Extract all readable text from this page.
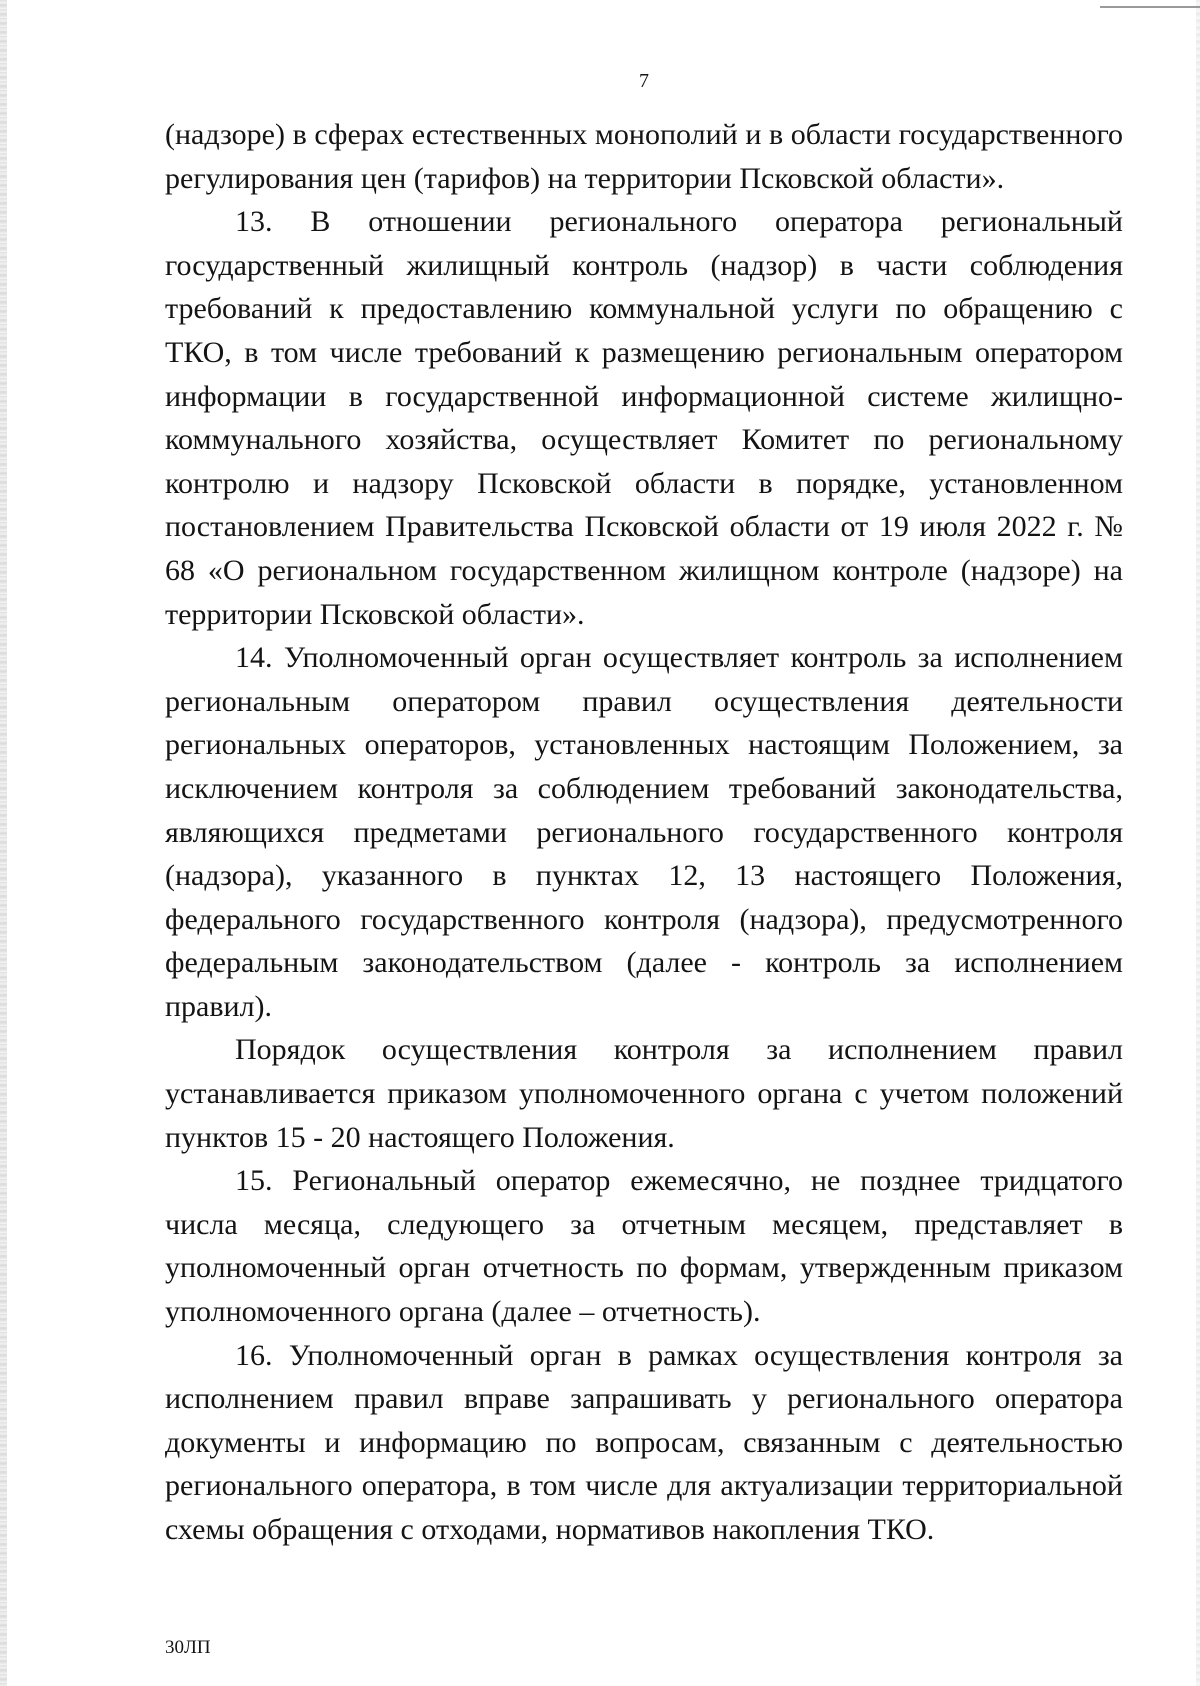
7

(надзоре) в сферах естественных монополий и в области государственного регулирования цен (тарифов) на территории Псковской области».

13. В отношении регионального оператора региональный государственный жилищный контроль (надзор) в части соблюдения требований к предоставлению коммунальной услуги по обращению с ТКО, в том числе требований к размещению региональным оператором информации в государственной информационной системе жилищно-коммунального хозяйства, осуществляет Комитет по региональному контролю и надзору Псковской области в порядке, установленном постановлением Правительства Псковской области от 19 июля 2022 г. № 68 «О региональном государственном жилищном контроле (надзоре) на территории Псковской области».

14. Уполномоченный орган осуществляет контроль за исполнением региональным оператором правил осуществления деятельности региональных операторов, установленных настоящим Положением, за исключением контроля за соблюдением требований законодательства, являющихся предметами регионального государственного контроля (надзора), указанного в пунктах 12, 13 настоящего Положения, федерального государственного контроля (надзора), предусмотренного федеральным законодательством (далее - контроль за исполнением правил).

Порядок осуществления контроля за исполнением правил устанавливается приказом уполномоченного органа с учетом положений пунктов 15 - 20 настоящего Положения.

15. Региональный оператор ежемесячно, не позднее тридцатого числа месяца, следующего за отчетным месяцем, представляет в уполномоченный орган отчетность по формам, утвержденным приказом уполномоченного органа (далее – отчетность).

16. Уполномоченный орган в рамках осуществления контроля за исполнением правил вправе запрашивать у регионального оператора документы и информацию по вопросам, связанным с деятельностью регионального оператора, в том числе для актуализации территориальной схемы обращения с отходами, нормативов накопления ТКО.

30ЛП
